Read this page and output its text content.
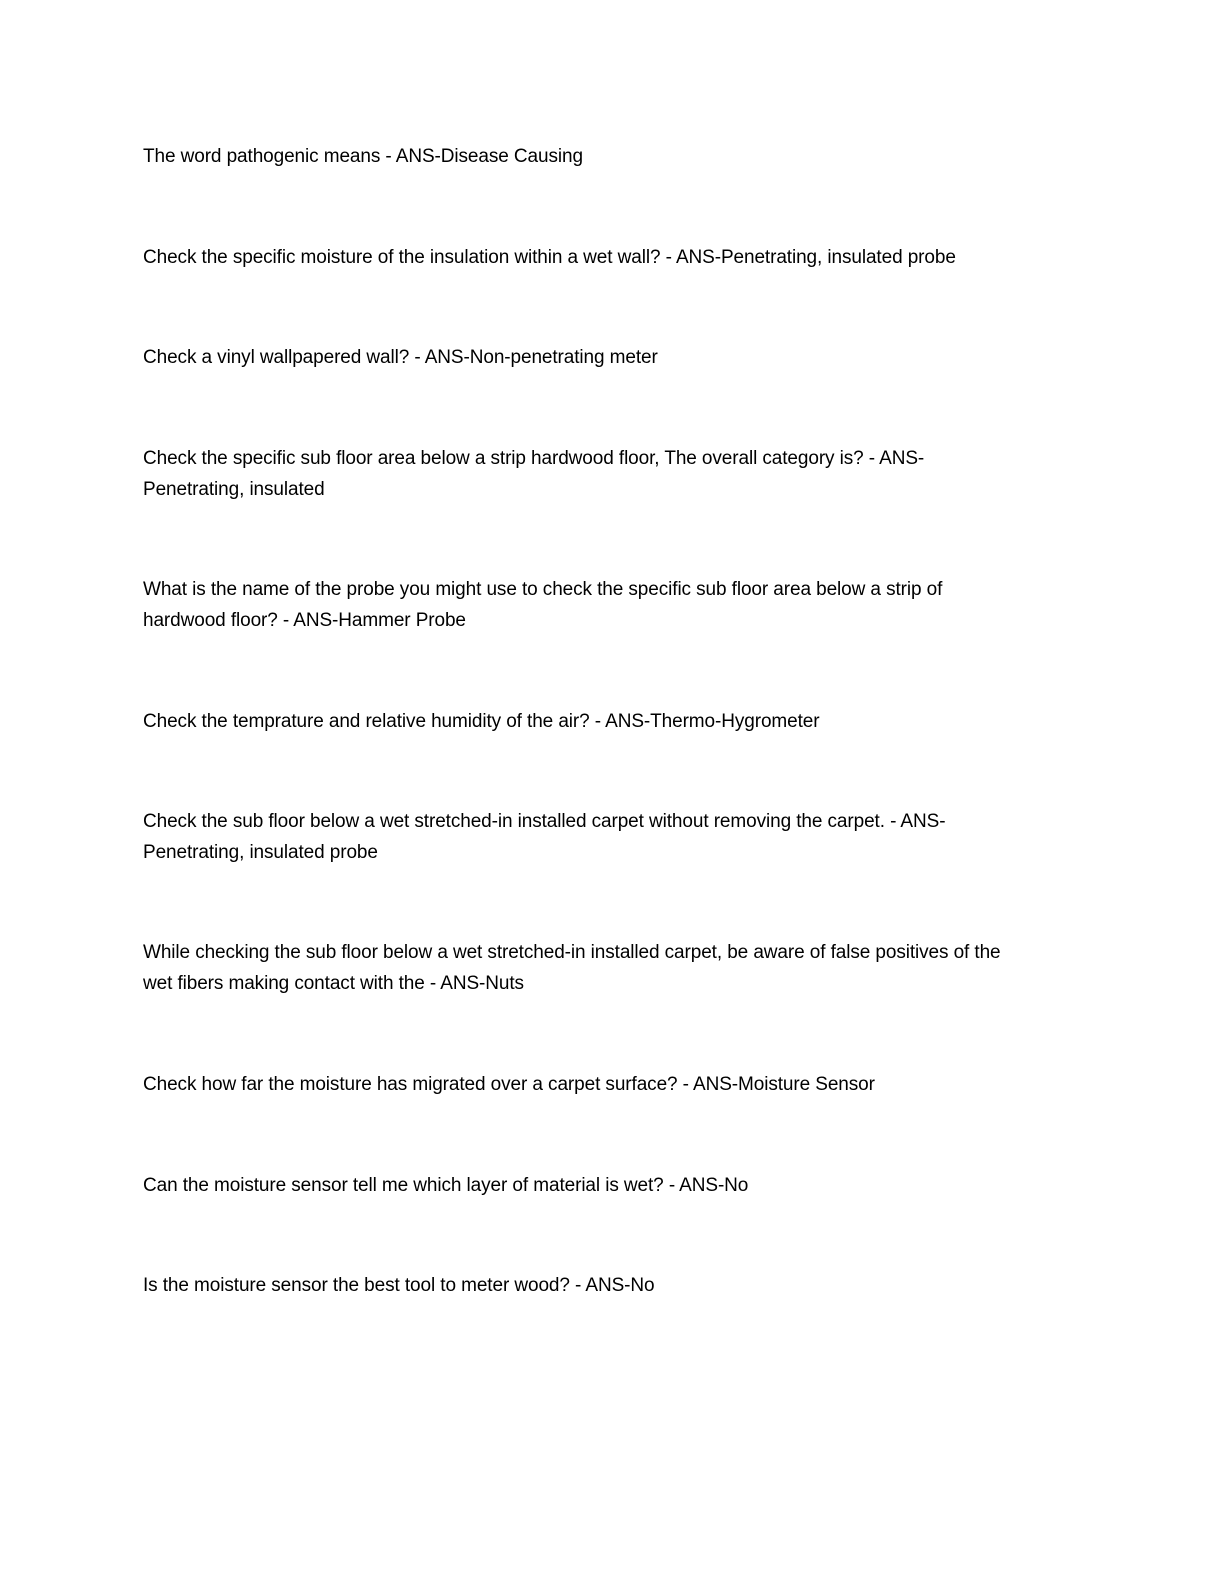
The word pathogenic means - ANS-Disease Causing

Check the specific moisture of the insulation within a wet wall? - ANS-Penetrating, insulated probe

Check a vinyl wallpapered wall? - ANS-Non-penetrating meter

Check the specific sub floor area below a strip hardwood floor, The overall category is? - ANS-
Penetrating, insulated

What is the name of the probe you might use to check the specific sub floor area below a strip of
hardwood floor? - ANS-Hammer Probe

Check the temprature and relative humidity of the air? - ANS-Thermo-Hygrometer

Check the sub floor below a wet stretched-in installed carpet without removing the carpet. - ANS-
Penetrating, insulated probe

While checking the sub floor below a wet stretched-in installed carpet, be aware of false positives of the
wet fibers making contact with the - ANS-Nuts

Check how far the moisture has migrated over a carpet surface? - ANS-Moisture Sensor

Can the moisture sensor tell me which layer of material is wet? - ANS-No

Is the moisture sensor the best tool to meter wood? - ANS-No
